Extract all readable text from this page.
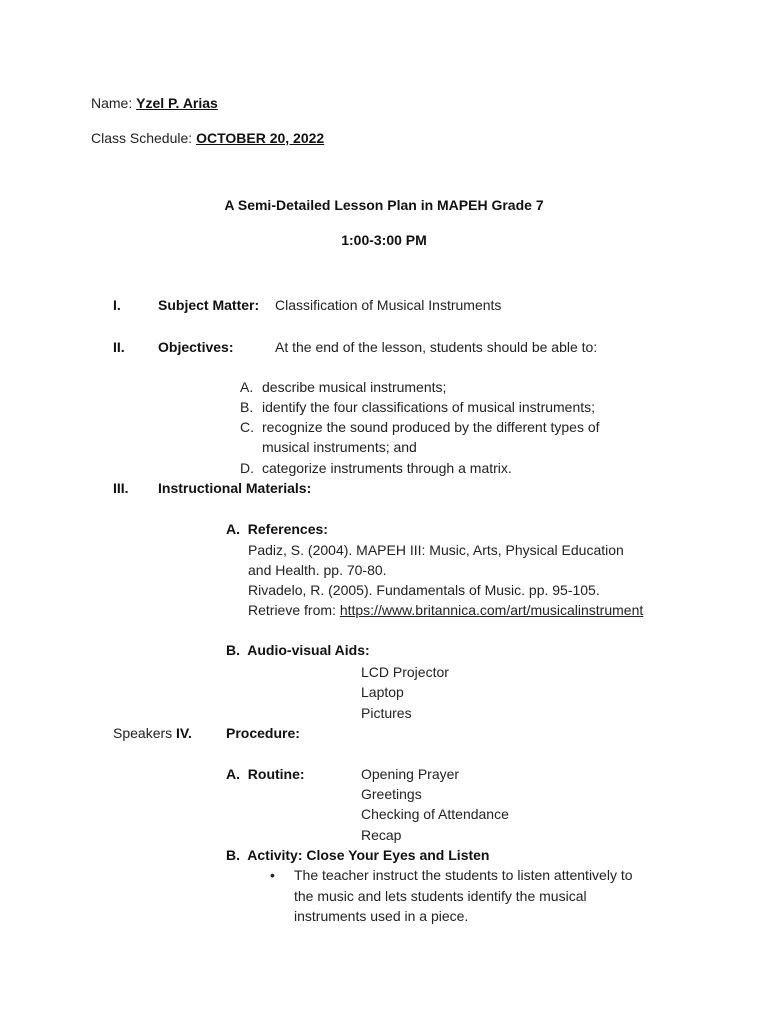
Name: Yzel P. Arias
Class Schedule: OCTOBER 20, 2022
A Semi-Detailed Lesson Plan in MAPEH Grade 7
1:00-3:00 PM
I.	Subject Matter: Classification of Musical Instruments
II. Objectives:	At the end of the lesson, students should be able to:
A. describe musical instruments;
B. identify the four classifications of musical instruments;
C. recognize the sound produced by the different types of
musical instruments; and
D. categorize instruments through a matrix.
III. Instructional Materials:
A.  References:
Padiz, S. (2004). MAPEH III: Music, Arts, Physical Education
and Health. pp. 70-80.
Rivadelo, R. (2005). Fundamentals of Music. pp. 95-105.
Retrieve from: https://www.britannica.com/art/musicalinstrument
B.  Audio-visual Aids:
LCD Projector
Laptop
Pictures
Speakers IV. Procedure:
A.  Routine:	Opening Prayer
Greetings
Checking of Attendance
Recap
B.  Activity: Close Your Eyes and Listen
• The teacher instruct the students to listen attentively to
the music and lets students identify the musical
instruments used in a piece.
